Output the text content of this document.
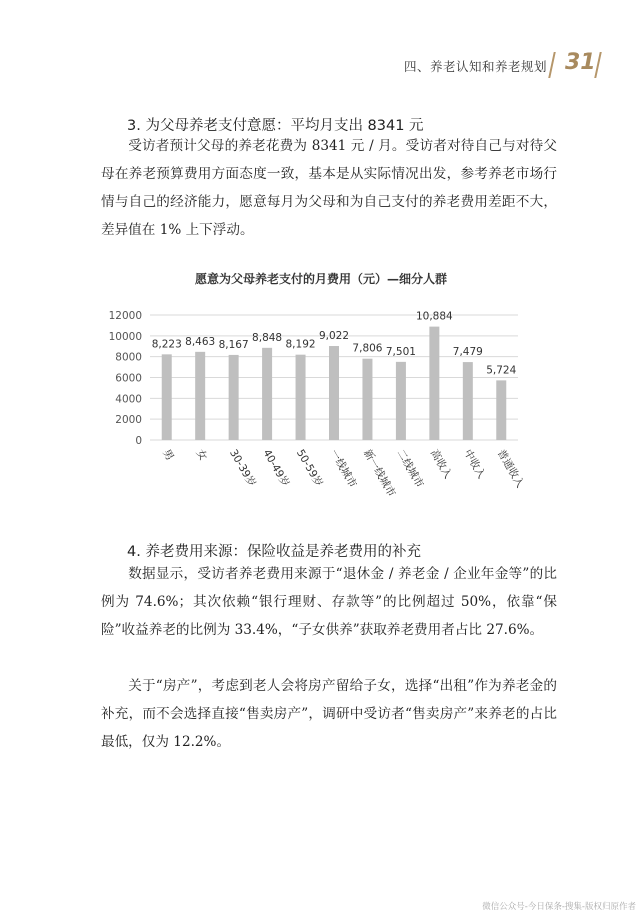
四、养老认知和养老规划 31
3. 为父母养老支付意愿：平均月支出 8341 元

受访者预计父母的养老花费为 8341 元 / 月。受访者对待自己与对待父母在养老预算费用方面态度一致，基本是从实际情况出发，参考养老市场行情与自己的经济能力，愿意每月为父母和为自己支付的养老费用差距不大，差异值在 1% 上下浮动。

愿意为父母养老支付的月费用（元）—细分人群
0
2000
4000
6000
8000
10000
12000
8,223
男
8,463
女
8,167
30-39岁
8,848
40-49岁
8,192
50-59岁
9,022
一线城市
7,806
新一线城市
7,501
二线城市
10,884
高收入
7,479
中收入
5,724
普通收入
4. 养老费用来源：保险收益是养老费用的补充

数据显示，受访者养老费用来源于“退休金 / 养老金 / 企业年金等”的比例为 74.6%；其次依赖“银行理财、存款等”的比例超过 50%，依靠“保险”收益养老的比例为 33.4%，“子女供养”获取养老费用者占比 27.6%。

关于“房产”，考虑到老人会将房产留给子女，选择“出租”作为养老金的补充，而不会选择直接“售卖房产”，调研中受访者“售卖房产”来养老的占比最低，仅为 12.2%。

微信公众号-今日保条-搜集-版权归原作者
